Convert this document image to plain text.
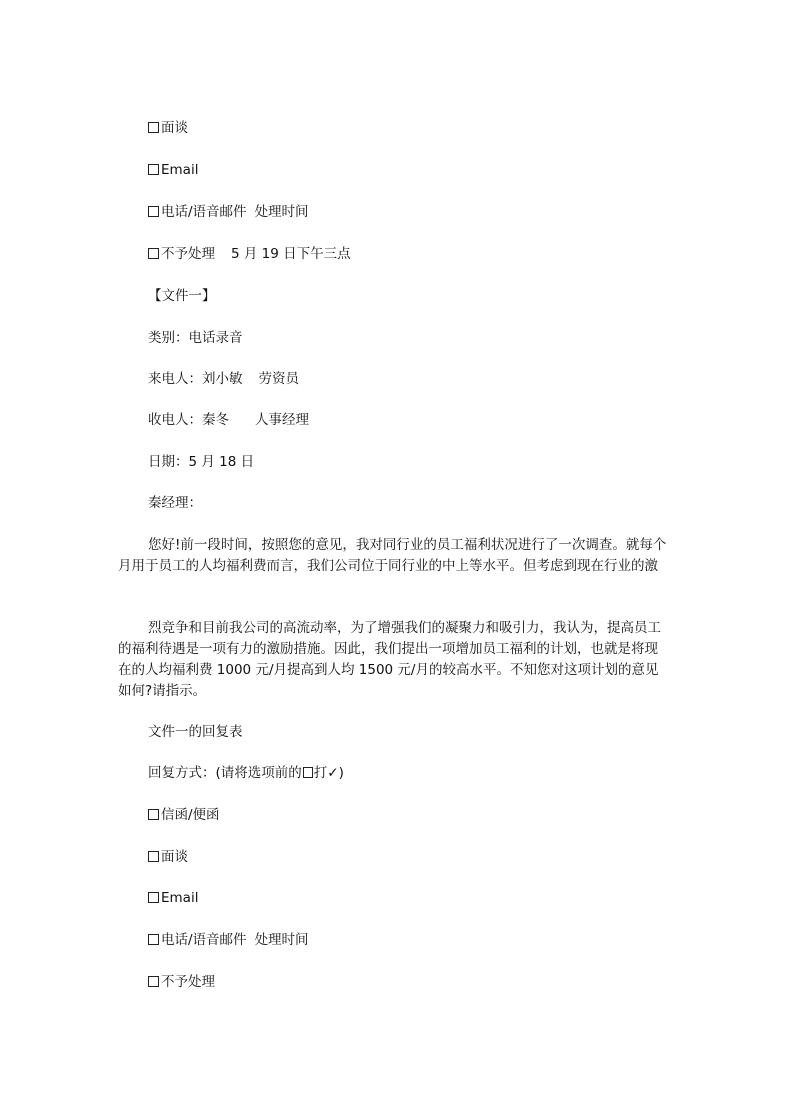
面谈
Email
电话/语音邮件 处理时间
不予处理 5 月 19 日下午三点
【文件一】
类别：电话录音
来电人：刘小敏 劳资员
收电人：秦冬 人事经理
日期：5 月 18 日
秦经理：
您好!前一段时间，按照您的意见，我对同行业的员工福利状况进行了一次调查。就每个月用于员工的人均福利费而言，我们公司位于同行业的中上等水平。但考虑到现在行业的激
烈竞争和目前我公司的高流动率，为了增强我们的凝聚力和吸引力，我认为，提高员工的福利待遇是一项有力的激励措施。因此，我们提出一项增加员工福利的计划，也就是将现在的人均福利费 1000 元/月提高到人均 1500 元/月的较高水平。不知您对这项计划的意见如何?请指示。
文件一的回复表
回复方式：(请将选项前的 打✓)
信函/便函
面谈
Email
电话/语音邮件 处理时间
不予处理
